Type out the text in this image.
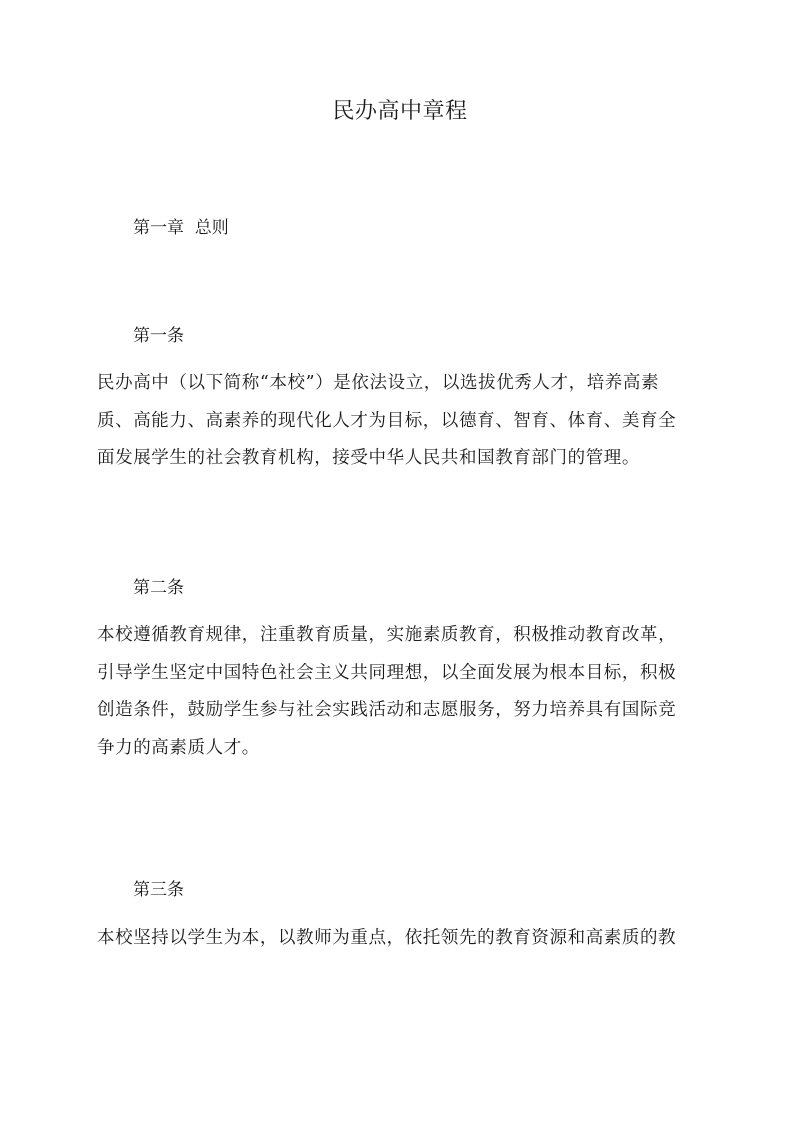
民办高中章程
第一章  总则
第一条
民办高中（以下简称“本校”）是依法设立，以选拔优秀人才，培养高素
质、高能力、高素养的现代化人才为目标，以德育、智育、体育、美育全
面发展学生的社会教育机构，接受中华人民共和国教育部门的管理。
第二条
本校遵循教育规律，注重教育质量，实施素质教育，积极推动教育改革，
引导学生坚定中国特色社会主义共同理想，以全面发展为根本目标，积极
创造条件，鼓励学生参与社会实践活动和志愿服务，努力培养具有国际竞
争力的高素质人才。
第三条
本校坚持以学生为本，以教师为重点，依托领先的教育资源和高素质的教
